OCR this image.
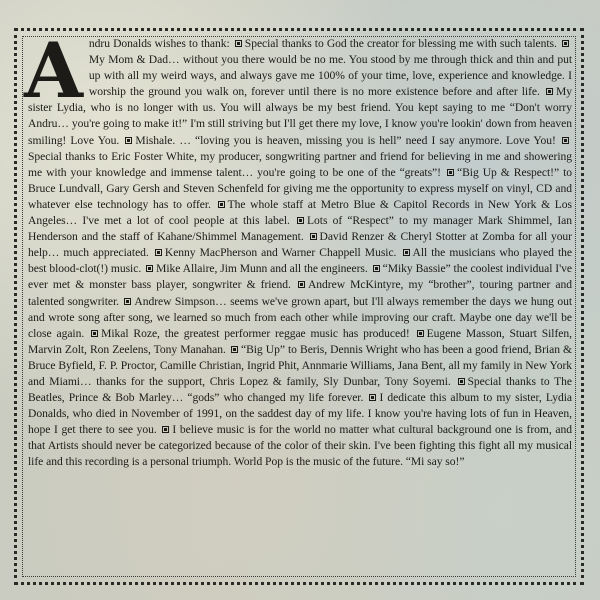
A ndru Donalds wishes to thank: Special thanks to God the creator for blessing me with such talents. My Mom & Dad… without you there would be no me. You stood by me through thick and thin and put up with all my weird ways, and always gave me 100% of your time, love, experience and knowledge. I worship the ground you walk on, forever until there is no more existence before and after life. My sister Lydia, who is no longer with us. You will always be my best friend. You kept saying to me “Don't worry Andru… you're going to make it!” I'm still striving but I'll get there my love, I know you're lookin' down from heaven smiling! Love You. Mishale. … “loving you is heaven, missing you is hell” need I say anymore. Love You! Special thanks to Eric Foster White, my producer, songwriting partner and friend for believing in me and showering me with your knowledge and immense talent… you're going to be one of the “greats”! “Big Up & Respect!” to Bruce Lundvall, Gary Gersh and Steven Schenfeld for giving me the opportunity to express myself on vinyl, CD and whatever else technology has to offer. The whole staff at Metro Blue & Capitol Records in New York & Los Angeles… I've met a lot of cool people at this label. Lots of “Respect” to my manager Mark Shimmel, Ian Henderson and the staff of Kahane/Shimmel Management. David Renzer & Cheryl Stotter at Zomba for all your help… much appreciated. Kenny MacPherson and Warner Chappell Music. All the musicians who played the best blood-clot(!) music. Mike Allaire, Jim Munn and all the engineers. “Miky Bassie” the coolest individual I've ever met & monster bass player, songwriter & friend. Andrew McKintyre, my “brother”, touring partner and talented songwriter. Andrew Simpson… seems we've grown apart, but I'll always remember the days we hung out and wrote song after song, we learned so much from each other while improving our craft. Maybe one day we'll be close again. Mikal Roze, the greatest performer reggae music has produced! Eugene Masson, Stuart Silfen, Marvin Zolt, Ron Zeelens, Tony Manahan. “Big Up” to Beris, Dennis Wright who has been a good friend, Brian & Bruce Byfield, F. P. Proctor, Camille Christian, Ingrid Phit, Annmarie Williams, Jana Bent, all my family in New York and Miami… thanks for the support, Chris Lopez & family, Sly Dunbar, Tony Soyemi. Special thanks to The Beatles, Prince & Bob Marley… “gods” who changed my life forever. I dedicate this album to my sister, Lydia Donalds, who died in November of 1991, on the saddest day of my life. I know you're having lots of fun in Heaven, hope I get there to see you. I believe music is for the world no matter what cultural background one is from, and that Artists should never be categorized because of the color of their skin. I've been fighting this fight all my musical life and this recording is a personal triumph. World Pop is the music of the future. “Mi say so!”
